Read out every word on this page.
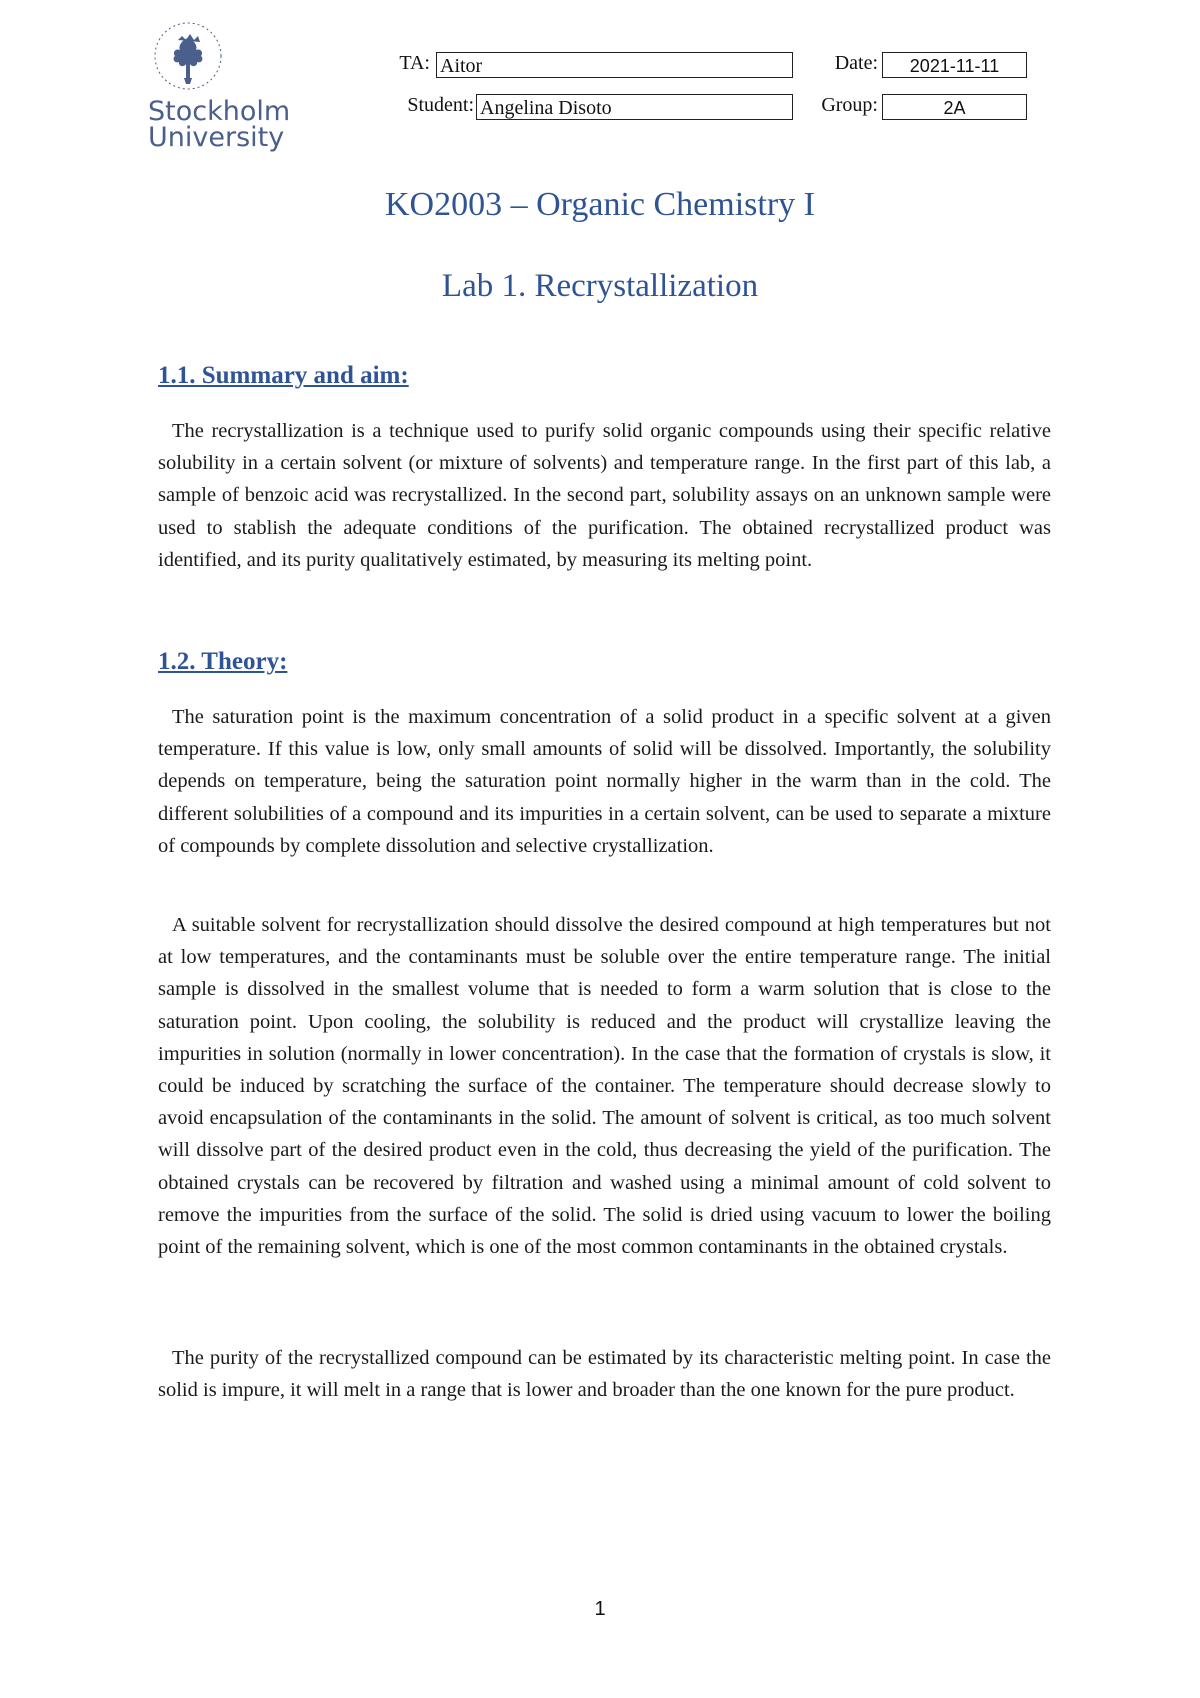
Stockholm
University
TA: Aitor	Date:	2021-11-11
Student: Angelina Disoto	Group:	2A
KO2003 – Organic Chemistry I
Lab 1. Recrystallization
1.1. Summary and aim:
The recrystallization is a technique used to purify solid organic compounds using their specific relative solubility in a certain solvent (or mixture of solvents) and temperature range. In the first part of this lab, a sample of benzoic acid was recrystallized. In the second part, solubility assays on an unknown sample were used to stablish the adequate conditions of the purification. The obtained recrystallized product was identified, and its purity qualitatively estimated, by measuring its melting point.
1.2. Theory:
The saturation point is the maximum concentration of a solid product in a specific solvent at a given temperature. If this value is low, only small amounts of solid will be dissolved. Importantly, the solubility depends on temperature, being the saturation point normally higher in the warm than in the cold. The different solubilities of a compound and its impurities in a certain solvent, can be used to separate a mixture of compounds by complete dissolution and selective crystallization.
A suitable solvent for recrystallization should dissolve the desired compound at high temperatures but not at low temperatures, and the contaminants must be soluble over the entire temperature range. The initial sample is dissolved in the smallest volume that is needed to form a warm solution that is close to the saturation point. Upon cooling, the solubility is reduced and the product will crystallize leaving the impurities in solution (normally in lower concentration). In the case that the formation of crystals is slow, it could be induced by scratching the surface of the container. The temperature should decrease slowly to avoid encapsulation of the contaminants in the solid. The amount of solvent is critical, as too much solvent will dissolve part of the desired product even in the cold, thus decreasing the yield of the purification. The obtained crystals can be recovered by filtration and washed using a minimal amount of cold solvent to remove the impurities from the surface of the solid. The solid is dried using vacuum to lower the boiling point of the remaining solvent, which is one of the most common contaminants in the obtained crystals.
The purity of the recrystallized compound can be estimated by its characteristic melting point. In case the solid is impure, it will melt in a range that is lower and broader than the one known for the pure product.
1
